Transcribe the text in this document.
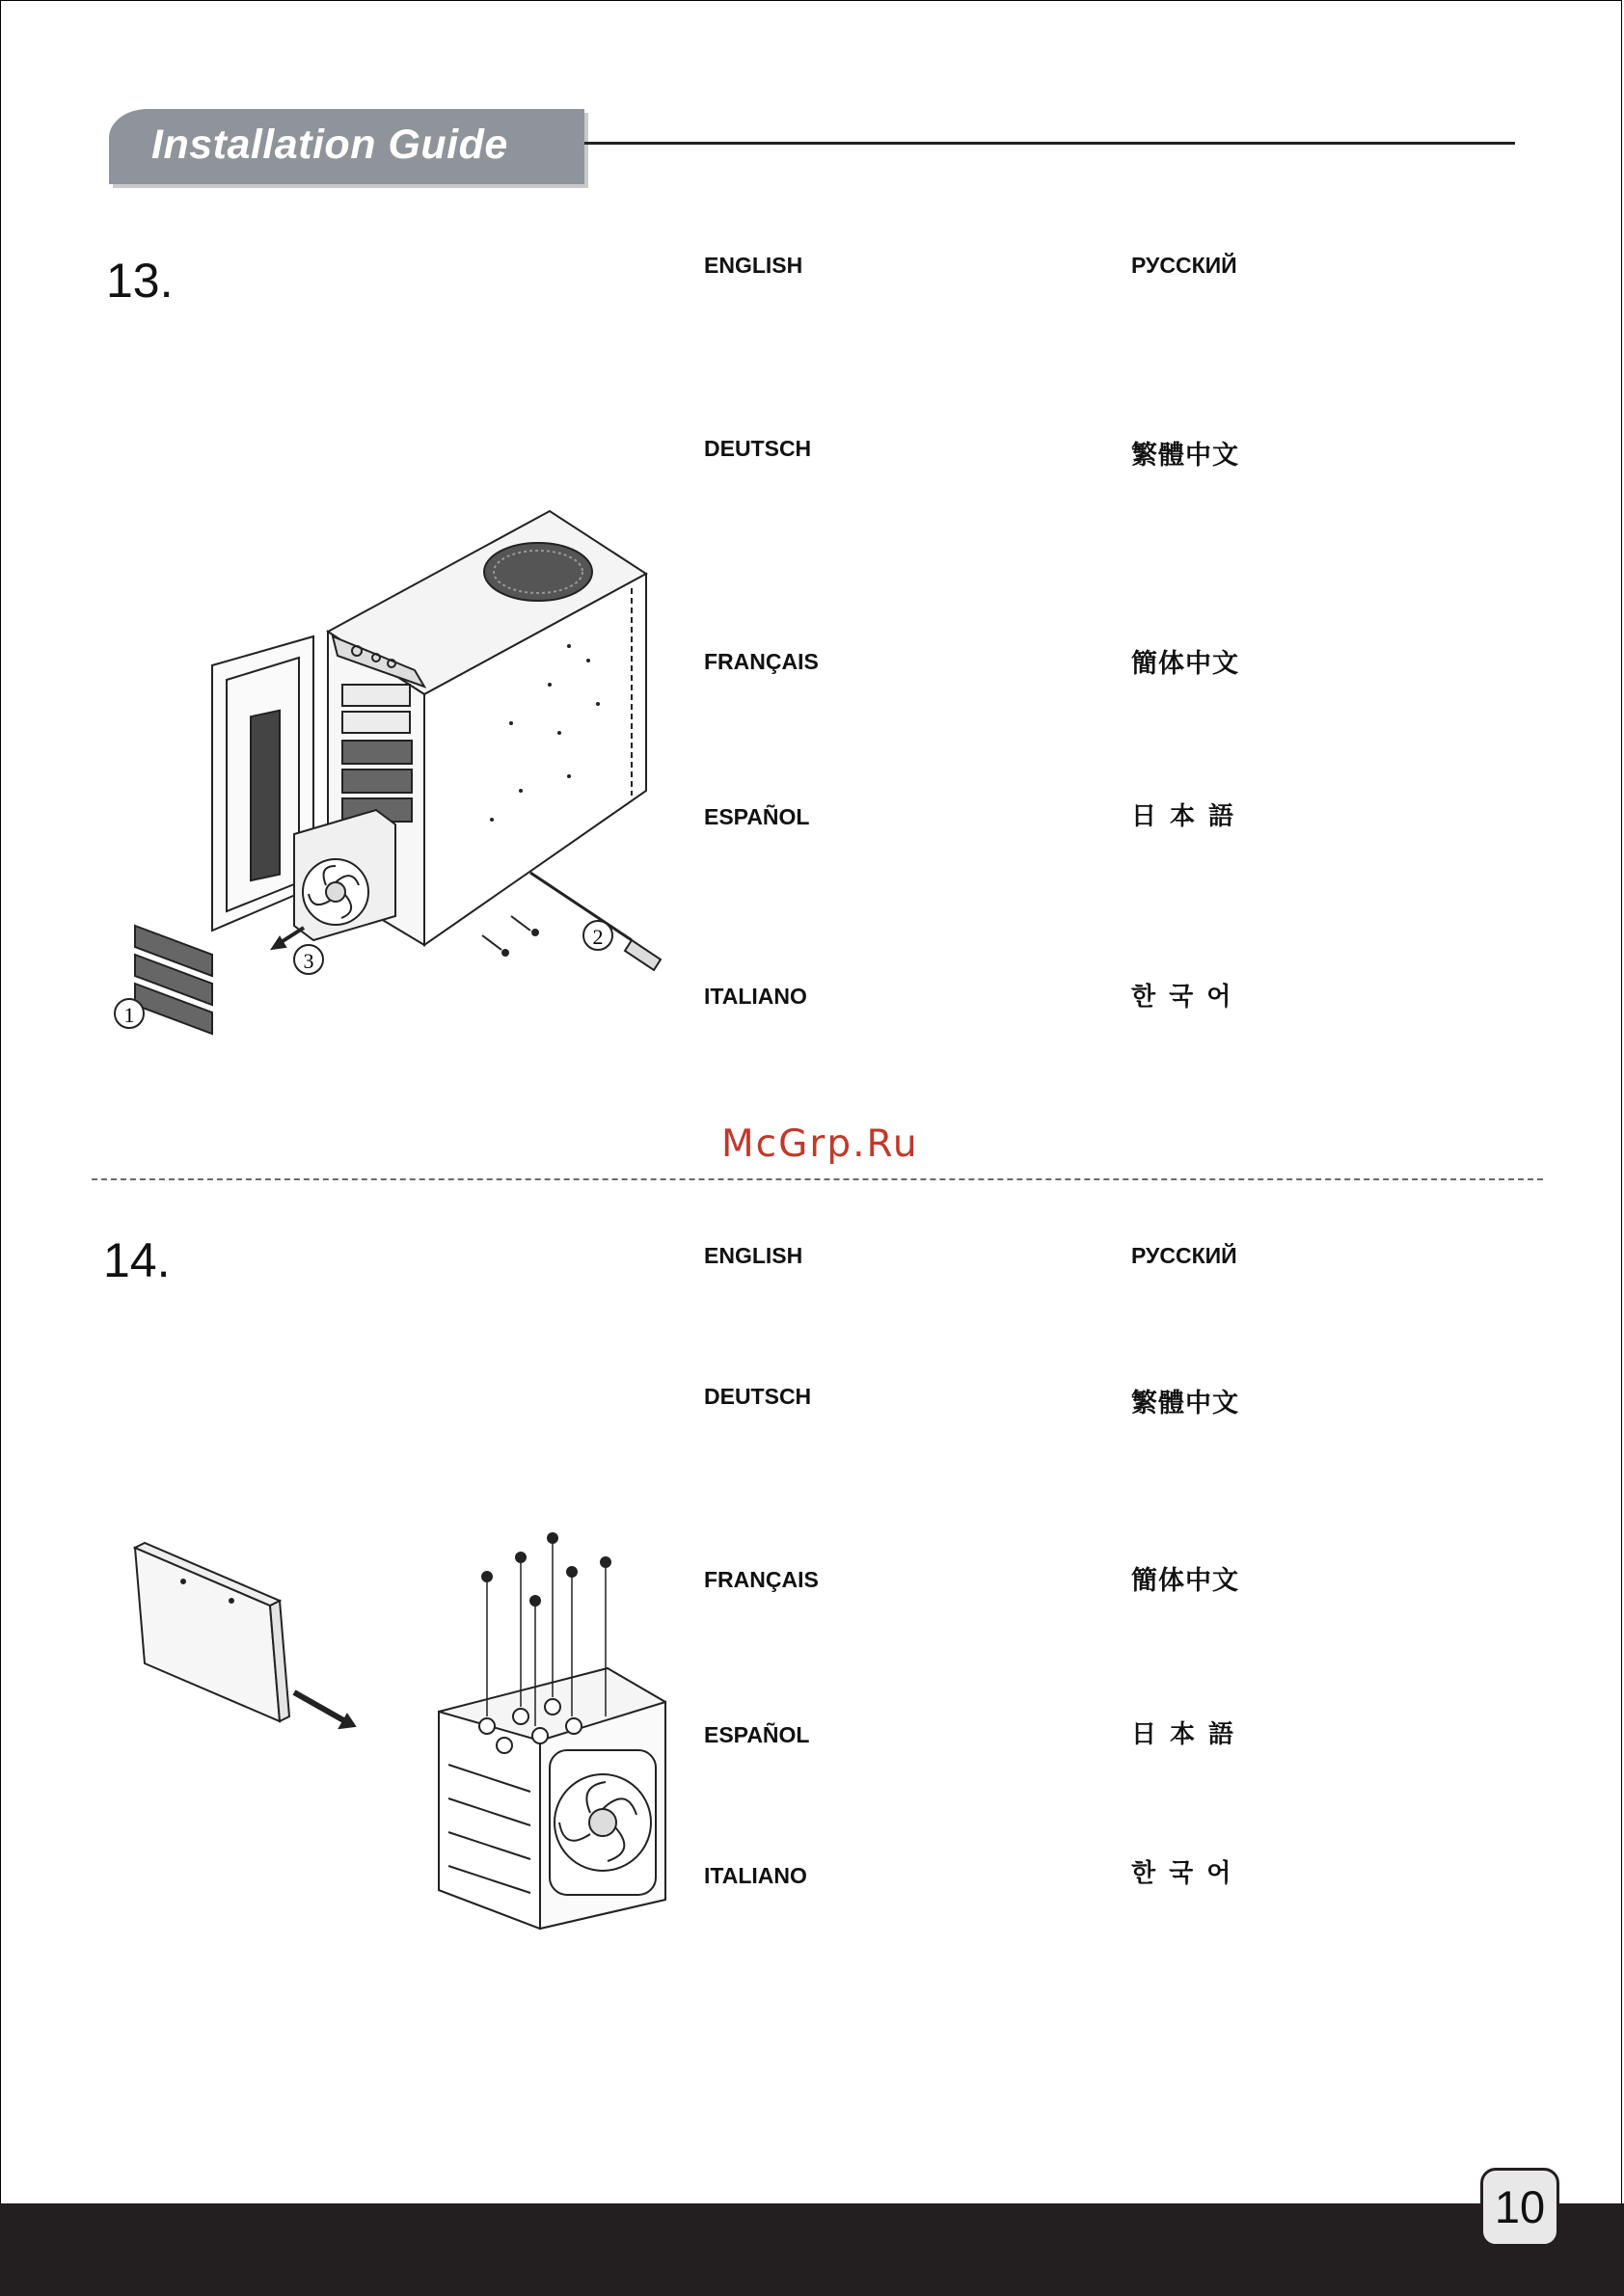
Installation Guide
13.	ENGLISH	РУССКИЙ
DEUTSCH	繁體中文
FRANÇAIS	簡体中文
ESPAÑOL	日本語
ITALIANO	한국어
1
2
3
McGrp.Ru
14.	ENGLISH	РУССКИЙ
DEUTSCH	繁體中文
FRANÇAIS	簡体中文
ESPAÑOL	日本語
ITALIANO	한국어
10
